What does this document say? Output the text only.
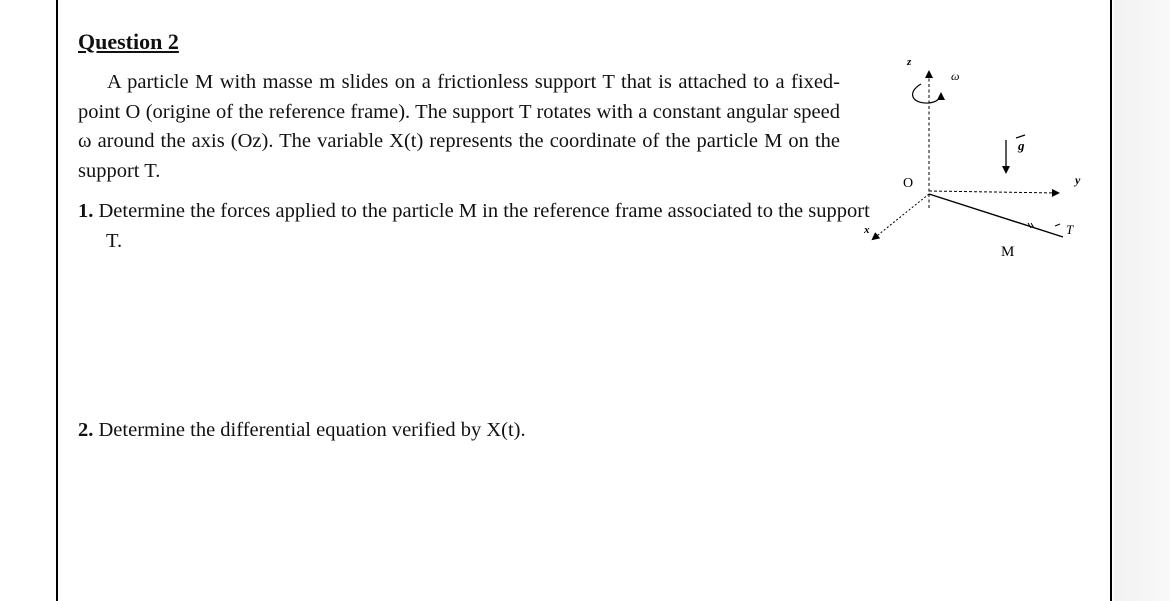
Question 2

A particle M with masse m slides on a frictionless support T that is attached to a fixed-point O (origine of the reference frame). The support T rotates with a constant angular speed ω around the axis (Oz). The variable X(t) represents the coordinate of the particle M on the support T.

1. Determine the forces applied to the particle M in the reference frame associated to the support T.

2. Determine the differential equation verified by X(t).

z
ω
g
O	y
x	T
M
